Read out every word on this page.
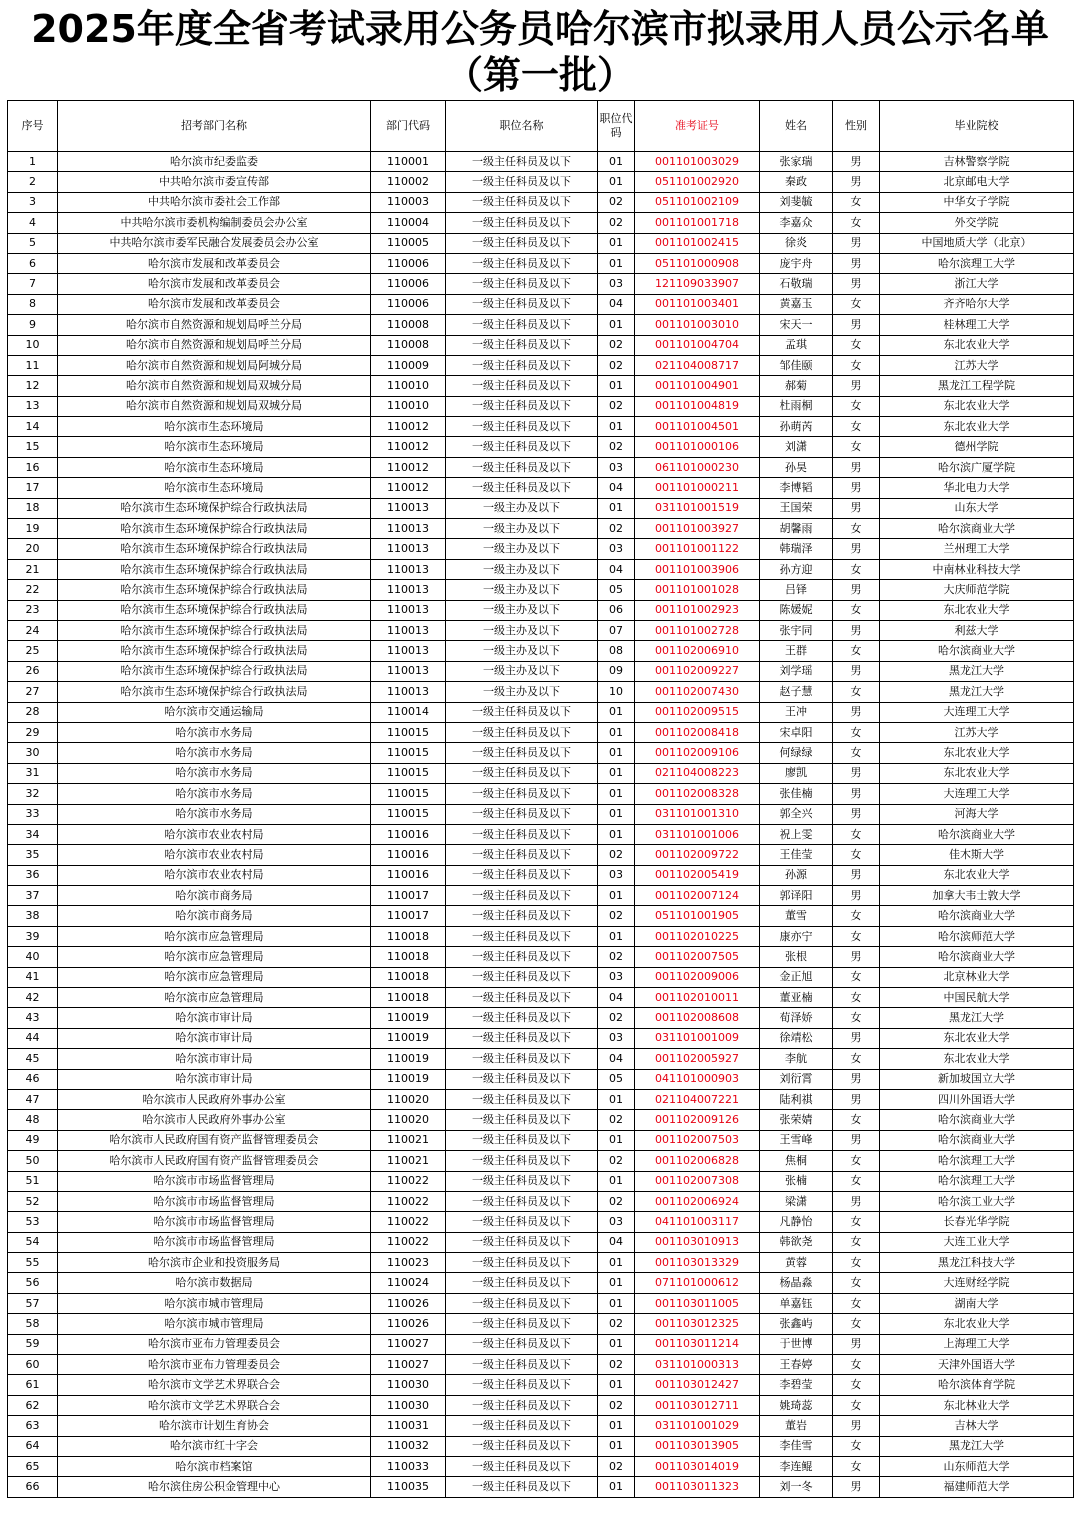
2025年度全省考试录用公务员哈尔滨市拟录用人员公示名单（第一批）
序号	招考部门名称	部门代码	职位名称	职位代码	准考证号	姓名	性别	毕业院校
1	哈尔滨市纪委监委	110001	一级主任科员及以下	01	001101003029	张家瑞	男	吉林警察学院
2	中共哈尔滨市委宣传部	110002	一级主任科员及以下	01	051101002920	秦政	男	北京邮电大学
3	中共哈尔滨市委社会工作部	110003	一级主任科员及以下	02	051101002109	刘斐毓	女	中华女子学院
4	中共哈尔滨市委机构编制委员会办公室	110004	一级主任科员及以下	02	001101001718	李嘉众	女	外交学院
5	中共哈尔滨市委军民融合发展委员会办公室	110005	一级主任科员及以下	01	001101002415	徐炎	男	中国地质大学（北京）
6	哈尔滨市发展和改革委员会	110006	一级主任科员及以下	01	051101000908	庞宇舟	男	哈尔滨理工大学
7	哈尔滨市发展和改革委员会	110006	一级主任科员及以下	03	121109033907	石敬瑞	男	浙江大学
8	哈尔滨市发展和改革委员会	110006	一级主任科员及以下	04	001101003401	黄嘉玉	女	齐齐哈尔大学
9	哈尔滨市自然资源和规划局呼兰分局	110008	一级主任科员及以下	01	001101003010	宋天一	男	桂林理工大学
10	哈尔滨市自然资源和规划局呼兰分局	110008	一级主任科员及以下	02	001101004704	孟琪	女	东北农业大学
11	哈尔滨市自然资源和规划局阿城分局	110009	一级主任科员及以下	02	021104008717	邹佳颐	女	江苏大学
12	哈尔滨市自然资源和规划局双城分局	110010	一级主任科员及以下	01	001101004901	郝菊	男	黑龙江工程学院
13	哈尔滨市自然资源和规划局双城分局	110010	一级主任科员及以下	02	001101004819	杜雨桐	女	东北农业大学
14	哈尔滨市生态环境局	110012	一级主任科员及以下	01	001101004501	孙萌芮	女	东北农业大学
15	哈尔滨市生态环境局	110012	一级主任科员及以下	02	001101000106	刘潇	女	德州学院
16	哈尔滨市生态环境局	110012	一级主任科员及以下	03	061101000230	孙昊	男	哈尔滨广厦学院
17	哈尔滨市生态环境局	110012	一级主任科员及以下	04	001101000211	李博韬	男	华北电力大学
18	哈尔滨市生态环境保护综合行政执法局	110013	一级主办及以下	01	031101001519	王国荣	男	山东大学
19	哈尔滨市生态环境保护综合行政执法局	110013	一级主办及以下	02	001101003927	胡馨雨	女	哈尔滨商业大学
20	哈尔滨市生态环境保护综合行政执法局	110013	一级主办及以下	03	001101001122	韩瑞泽	男	兰州理工大学
21	哈尔滨市生态环境保护综合行政执法局	110013	一级主办及以下	04	001101003906	孙方迎	女	中南林业科技大学
22	哈尔滨市生态环境保护综合行政执法局	110013	一级主办及以下	05	001101001028	吕铎	男	大庆师范学院
23	哈尔滨市生态环境保护综合行政执法局	110013	一级主办及以下	06	001101002923	陈媛妮	女	东北农业大学
24	哈尔滨市生态环境保护综合行政执法局	110013	一级主办及以下	07	001101002728	张宇同	男	利兹大学
25	哈尔滨市生态环境保护综合行政执法局	110013	一级主办及以下	08	001102006910	王群	女	哈尔滨商业大学
26	哈尔滨市生态环境保护综合行政执法局	110013	一级主办及以下	09	001102009227	刘学瑶	男	黑龙江大学
27	哈尔滨市生态环境保护综合行政执法局	110013	一级主办及以下	10	001102007430	赵子慧	女	黑龙江大学
28	哈尔滨市交通运输局	110014	一级主任科员及以下	01	001102009515	王冲	男	大连理工大学
29	哈尔滨市水务局	110015	一级主任科员及以下	01	001102008418	宋卓阳	女	江苏大学
30	哈尔滨市水务局	110015	一级主任科员及以下	01	001102009106	何绿绿	女	东北农业大学
31	哈尔滨市水务局	110015	一级主任科员及以下	01	021104008223	廖凯	男	东北农业大学
32	哈尔滨市水务局	110015	一级主任科员及以下	01	001102008328	张佳楠	男	大连理工大学
33	哈尔滨市水务局	110015	一级主任科员及以下	01	031101001310	郭全兴	男	河海大学
34	哈尔滨市农业农村局	110016	一级主任科员及以下	01	031101001006	祝上雯	女	哈尔滨商业大学
35	哈尔滨市农业农村局	110016	一级主任科员及以下	02	001102009722	王佳莹	女	佳木斯大学
36	哈尔滨市农业农村局	110016	一级主任科员及以下	03	001102005419	孙源	男	东北农业大学
37	哈尔滨市商务局	110017	一级主任科员及以下	01	001102007124	郭译阳	男	加拿大韦士敦大学
38	哈尔滨市商务局	110017	一级主任科员及以下	02	051101001905	董雪	女	哈尔滨商业大学
39	哈尔滨市应急管理局	110018	一级主任科员及以下	01	001102010225	康亦宁	女	哈尔滨师范大学
40	哈尔滨市应急管理局	110018	一级主任科员及以下	02	001102007505	张根	男	哈尔滨商业大学
41	哈尔滨市应急管理局	110018	一级主任科员及以下	03	001102009006	金正旭	女	北京林业大学
42	哈尔滨市应急管理局	110018	一级主任科员及以下	04	001102010011	董亚楠	女	中国民航大学
43	哈尔滨市审计局	110019	一级主任科员及以下	02	001102008608	荀泽娇	女	黑龙江大学
44	哈尔滨市审计局	110019	一级主任科员及以下	03	031101001009	徐靖松	男	东北农业大学
45	哈尔滨市审计局	110019	一级主任科员及以下	04	001102005927	李航	女	东北农业大学
46	哈尔滨市审计局	110019	一级主任科员及以下	05	041101000903	刘衍霄	男	新加坡国立大学
47	哈尔滨市人民政府外事办公室	110020	一级主任科员及以下	01	021104007221	陆利祺	男	四川外国语大学
48	哈尔滨市人民政府外事办公室	110020	一级主任科员及以下	02	001102009126	张荣婧	女	哈尔滨商业大学
49	哈尔滨市人民政府国有资产监督管理委员会	110021	一级主任科员及以下	01	001102007503	王雪峰	男	哈尔滨商业大学
50	哈尔滨市人民政府国有资产监督管理委员会	110021	一级主任科员及以下	02	001102006828	焦桐	女	哈尔滨理工大学
51	哈尔滨市市场监督管理局	110022	一级主任科员及以下	01	001102007308	张楠	女	哈尔滨理工大学
52	哈尔滨市市场监督管理局	110022	一级主任科员及以下	02	001102006924	梁潇	男	哈尔滨工业大学
53	哈尔滨市市场监督管理局	110022	一级主任科员及以下	03	041101003117	凡静怡	女	长春光华学院
54	哈尔滨市市场监督管理局	110022	一级主任科员及以下	04	001103010913	韩欲尧	女	大连工业大学
55	哈尔滨市企业和投资服务局	110023	一级主任科员及以下	01	001103013329	黄蓉	女	黑龙江科技大学
56	哈尔滨市数据局	110024	一级主任科员及以下	01	071101000612	杨晶淼	女	大连财经学院
57	哈尔滨市城市管理局	110026	一级主任科员及以下	01	001103011005	单嘉钰	女	湖南大学
58	哈尔滨市城市管理局	110026	一级主任科员及以下	02	001103012325	张鑫屿	女	东北农业大学
59	哈尔滨市亚布力管理委员会	110027	一级主任科员及以下	01	001103011214	于世博	男	上海理工大学
60	哈尔滨市亚布力管理委员会	110027	一级主任科员及以下	02	031101000313	王春婷	女	天津外国语大学
61	哈尔滨市文学艺术界联合会	110030	一级主任科员及以下	01	001103012427	李碧莹	女	哈尔滨体育学院
62	哈尔滨市文学艺术界联合会	110030	一级主任科员及以下	02	001103012711	姚琦蕊	女	东北林业大学
63	哈尔滨市计划生育协会	110031	一级主任科员及以下	01	031101001029	董岩	男	吉林大学
64	哈尔滨市红十字会	110032	一级主任科员及以下	01	001103013905	李佳雪	女	黑龙江大学
65	哈尔滨市档案馆	110033	一级主任科员及以下	02	001103014019	李连鲲	女	山东师范大学
66	哈尔滨住房公积金管理中心	110035	一级主任科员及以下	01	001103011323	刘一冬	男	福建师范大学
